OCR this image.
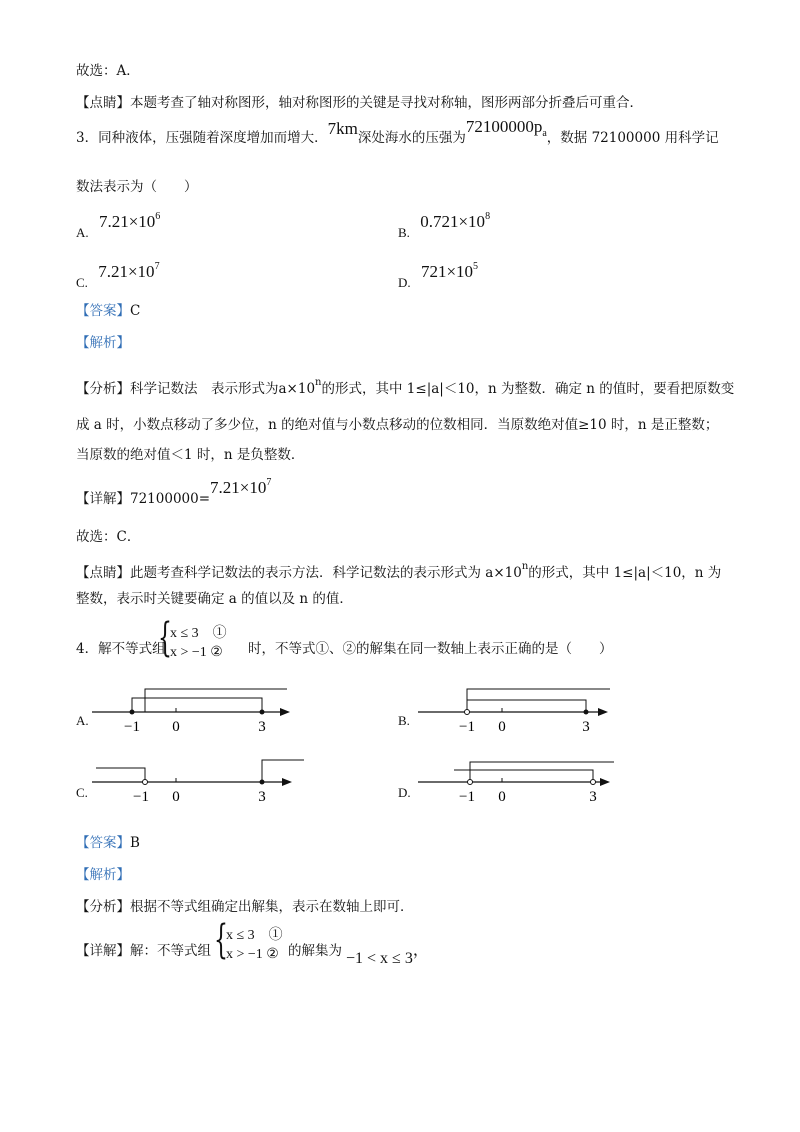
故选：A．
【点睛】本题考查了轴对称图形，轴对称图形的关键是寻找对称轴，图形两部分折叠后可重合．
3．同种液体，压强随着深度增加而增大．7km深处海水的压强为$72100000p_a$，数据 72100000 用科学记
数法表示为（　　）
A. $7.21\times 10^6$
B. $0.721\times 10^8$
C. $7.21\times 10^7$
D. $721\times 10^5$
【答案】C
【解析】
【分析】科学记数法　表示形式为$a\times 10^n$的形式，其中 1≤|a|＜10，n 为整数．确定 n 的值时，要看把原数变
成 a 时，小数点移动了多少位，n 的绝对值与小数点移动的位数相同．当原数绝对值≥10 时，n 是正整数；
当原数的绝对值＜1 时，n 是负整数．
【详解】$72100000=7.21\times 10^7$
故选：C．
【点睛】此题考查科学记数法的表示方法．科学记数法的表示形式为 $a\times 10^n$的形式，其中 1≤|a|＜10，n 为
整数，表示时关键要确定 a 的值以及 n 的值．
4．解不等式组
{
x ≤ 3　①
x > −1 ② 时，不等式①、②的解集在同一数轴上表示正确的是（　　）
A. −1 0	3	B.	−1 0	3
C.	−1 0	3	D.	−1 0	3
【答案】B
【解析】
【分析】根据不等式组确定出解集，表示在数轴上即可．
【详解】解：不等式组 {
x ≤ 3　①
x > −1 ② 的解集为 −1 < x ≤ 3，
